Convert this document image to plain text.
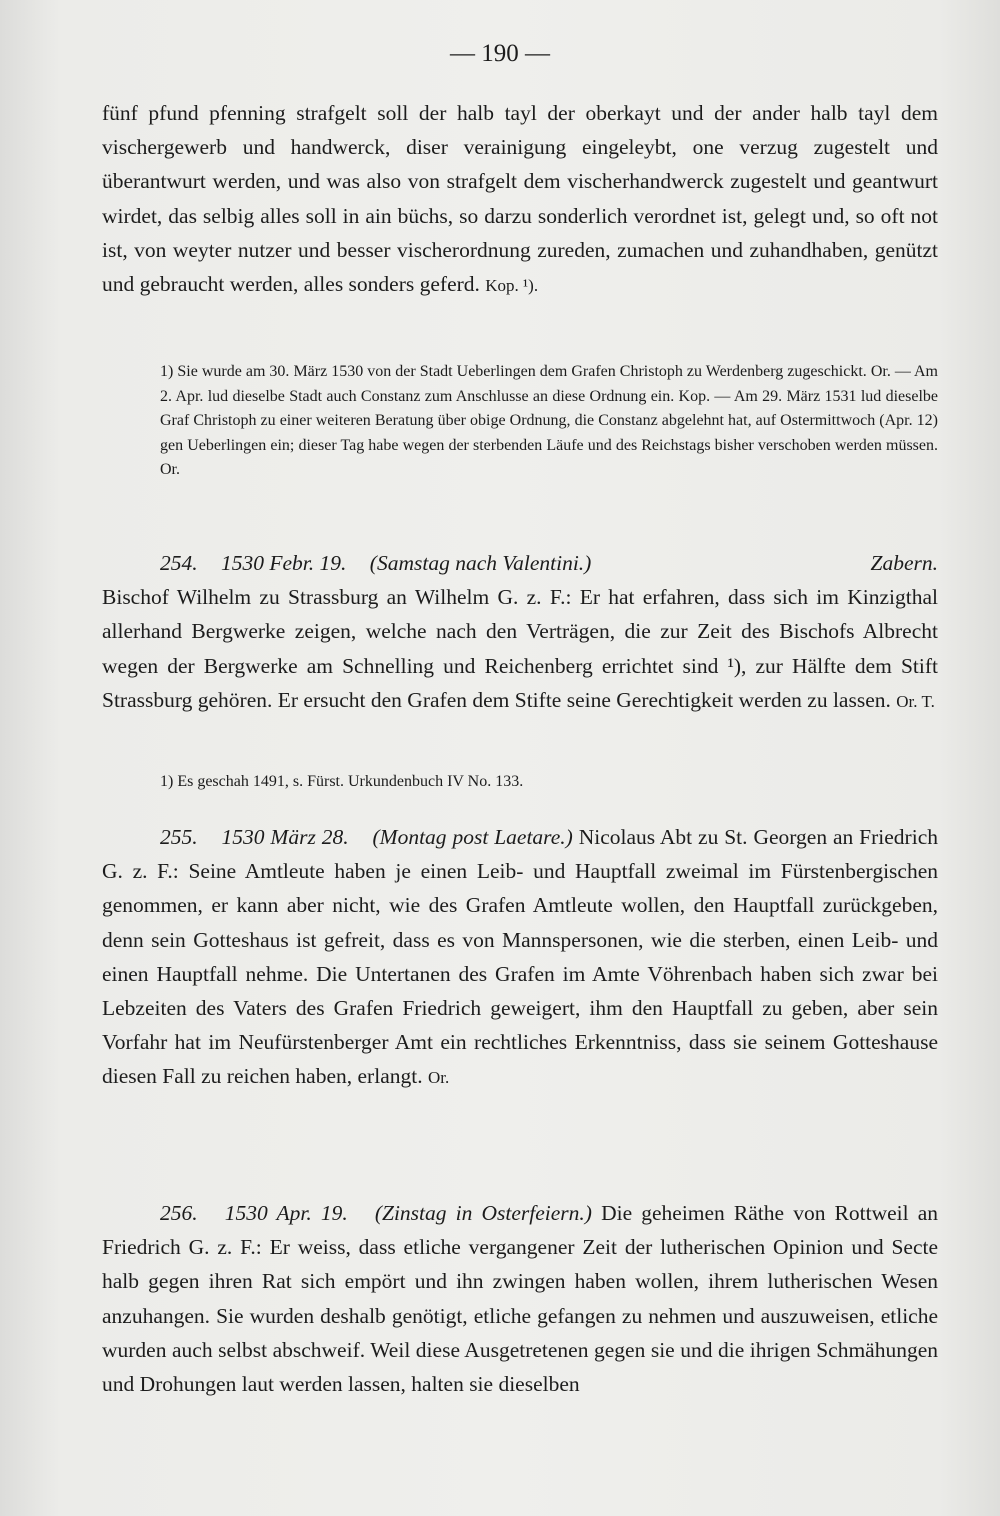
— 190 —

fünf pfund pfenning strafgelt soll der halb tayl der oberkayt und der ander halb tayl dem vischergewerb und handwerck, diser verainigung eingeleybt, one verzug zugestelt und überantwurt werden, und was also von strafgelt dem vischerhandwerck zugestelt und geantwurt wirdet, das selbig alles soll in ain büchs, so darzu sonderlich verordnet ist, gelegt und, so oft not ist, von weyter nutzer und besser vischerordnung zureden, zumachen und zuhandhaben, genützt und gebraucht werden, alles sonders geferd. Kop. ¹).

1) Sie wurde am 30. März 1530 von der Stadt Ueberlingen dem Grafen Christoph zu Werdenberg zugeschickt. Or. — Am 2. Apr. lud dieselbe Stadt auch Constanz zum Anschlusse an diese Ordnung ein. Kop. — Am 29. März 1531 lud dieselbe Graf Christoph zu einer weiteren Beratung über obige Ordnung, die Constanz abgelehnt hat, auf Ostermittwoch (Apr. 12) gen Ueberlingen ein; dieser Tag habe wegen der sterbenden Läufe und des Reichstags bisher verschoben werden müssen. Or.

254. 1530 Febr. 19. (Samstag nach Valentini.)	Zabern.

Bischof Wilhelm zu Strassburg an Wilhelm G. z. F.: Er hat erfahren, dass sich im Kinzigthal allerhand Bergwerke zeigen, welche nach den Verträgen, die zur Zeit des Bischofs Albrecht wegen der Bergwerke am Schnelling und Reichenberg errichtet sind ¹), zur Hälfte dem Stift Strassburg gehören. Er ersucht den Grafen dem Stifte seine Gerechtigkeit werden zu lassen. Or. T.

1) Es geschah 1491, s. Fürst. Urkundenbuch IV No. 133.

255. 1530 März 28. (Montag post Laetare.) Nicolaus Abt zu St. Georgen an Friedrich G. z. F.: Seine Amtleute haben je einen Leib- und Hauptfall zweimal im Fürstenbergischen genommen, er kann aber nicht, wie des Grafen Amtleute wollen, den Hauptfall zurückgeben, denn sein Gotteshaus ist gefreit, dass es von Mannspersonen, wie die sterben, einen Leib- und einen Hauptfall nehme. Die Untertanen des Grafen im Amte Vöhrenbach haben sich zwar bei Lebzeiten des Vaters des Grafen Friedrich geweigert, ihm den Hauptfall zu geben, aber sein Vorfahr hat im Neufürstenberger Amt ein rechtliches Erkenntniss, dass sie seinem Gotteshause diesen Fall zu reichen haben, erlangt. Or.

256. 1530 Apr. 19. (Zinstag in Osterfeiern.) Die geheimen Räthe von Rottweil an Friedrich G. z. F.: Er weiss, dass etliche vergangener Zeit der lutherischen Opinion und Secte halb gegen ihren Rat sich empört und ihn zwingen haben wollen, ihrem lutherischen Wesen anzuhangen. Sie wurden deshalb genötigt, etliche gefangen zu nehmen und auszuweisen, etliche wurden auch selbst abschweif. Weil diese Ausgetretenen gegen sie und die ihrigen Schmähungen und Drohungen laut werden lassen, halten sie dieselben
